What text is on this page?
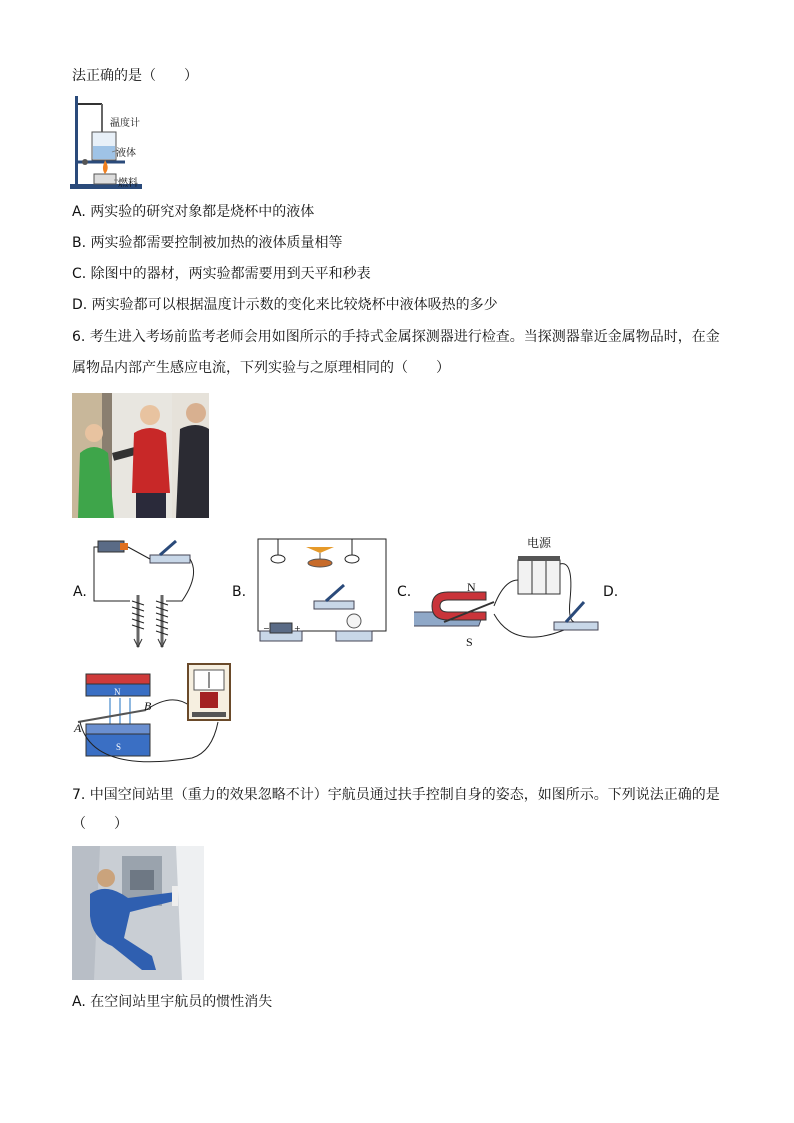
法正确的是（　　）
温度计
液体
燃料
A. 两实验的研究对象都是烧杯中的液体
B. 两实验都需要控制被加热的液体质量相等
C. 除图中的器材，两实验都需要用到天平和秒表
D. 两实验都可以根据温度计示数的变化来比较烧杯中液体吸热的多少
6. 考生进入考场前监考老师会用如图所示的手持式金属探测器进行检查。当探测器靠近金属物品时，在金
属物品内部产生感应电流，下列实验与之原理相同的（　　）
A.	B.
−	+
C.
电源
N
S
D.
N
S
A
B
7. 中国空间站里（重力的效果忽略不计）宇航员通过扶手控制自身的姿态，如图所示。下列说法正确的是
（　　）
A. 在空间站里宇航员的惯性消失
